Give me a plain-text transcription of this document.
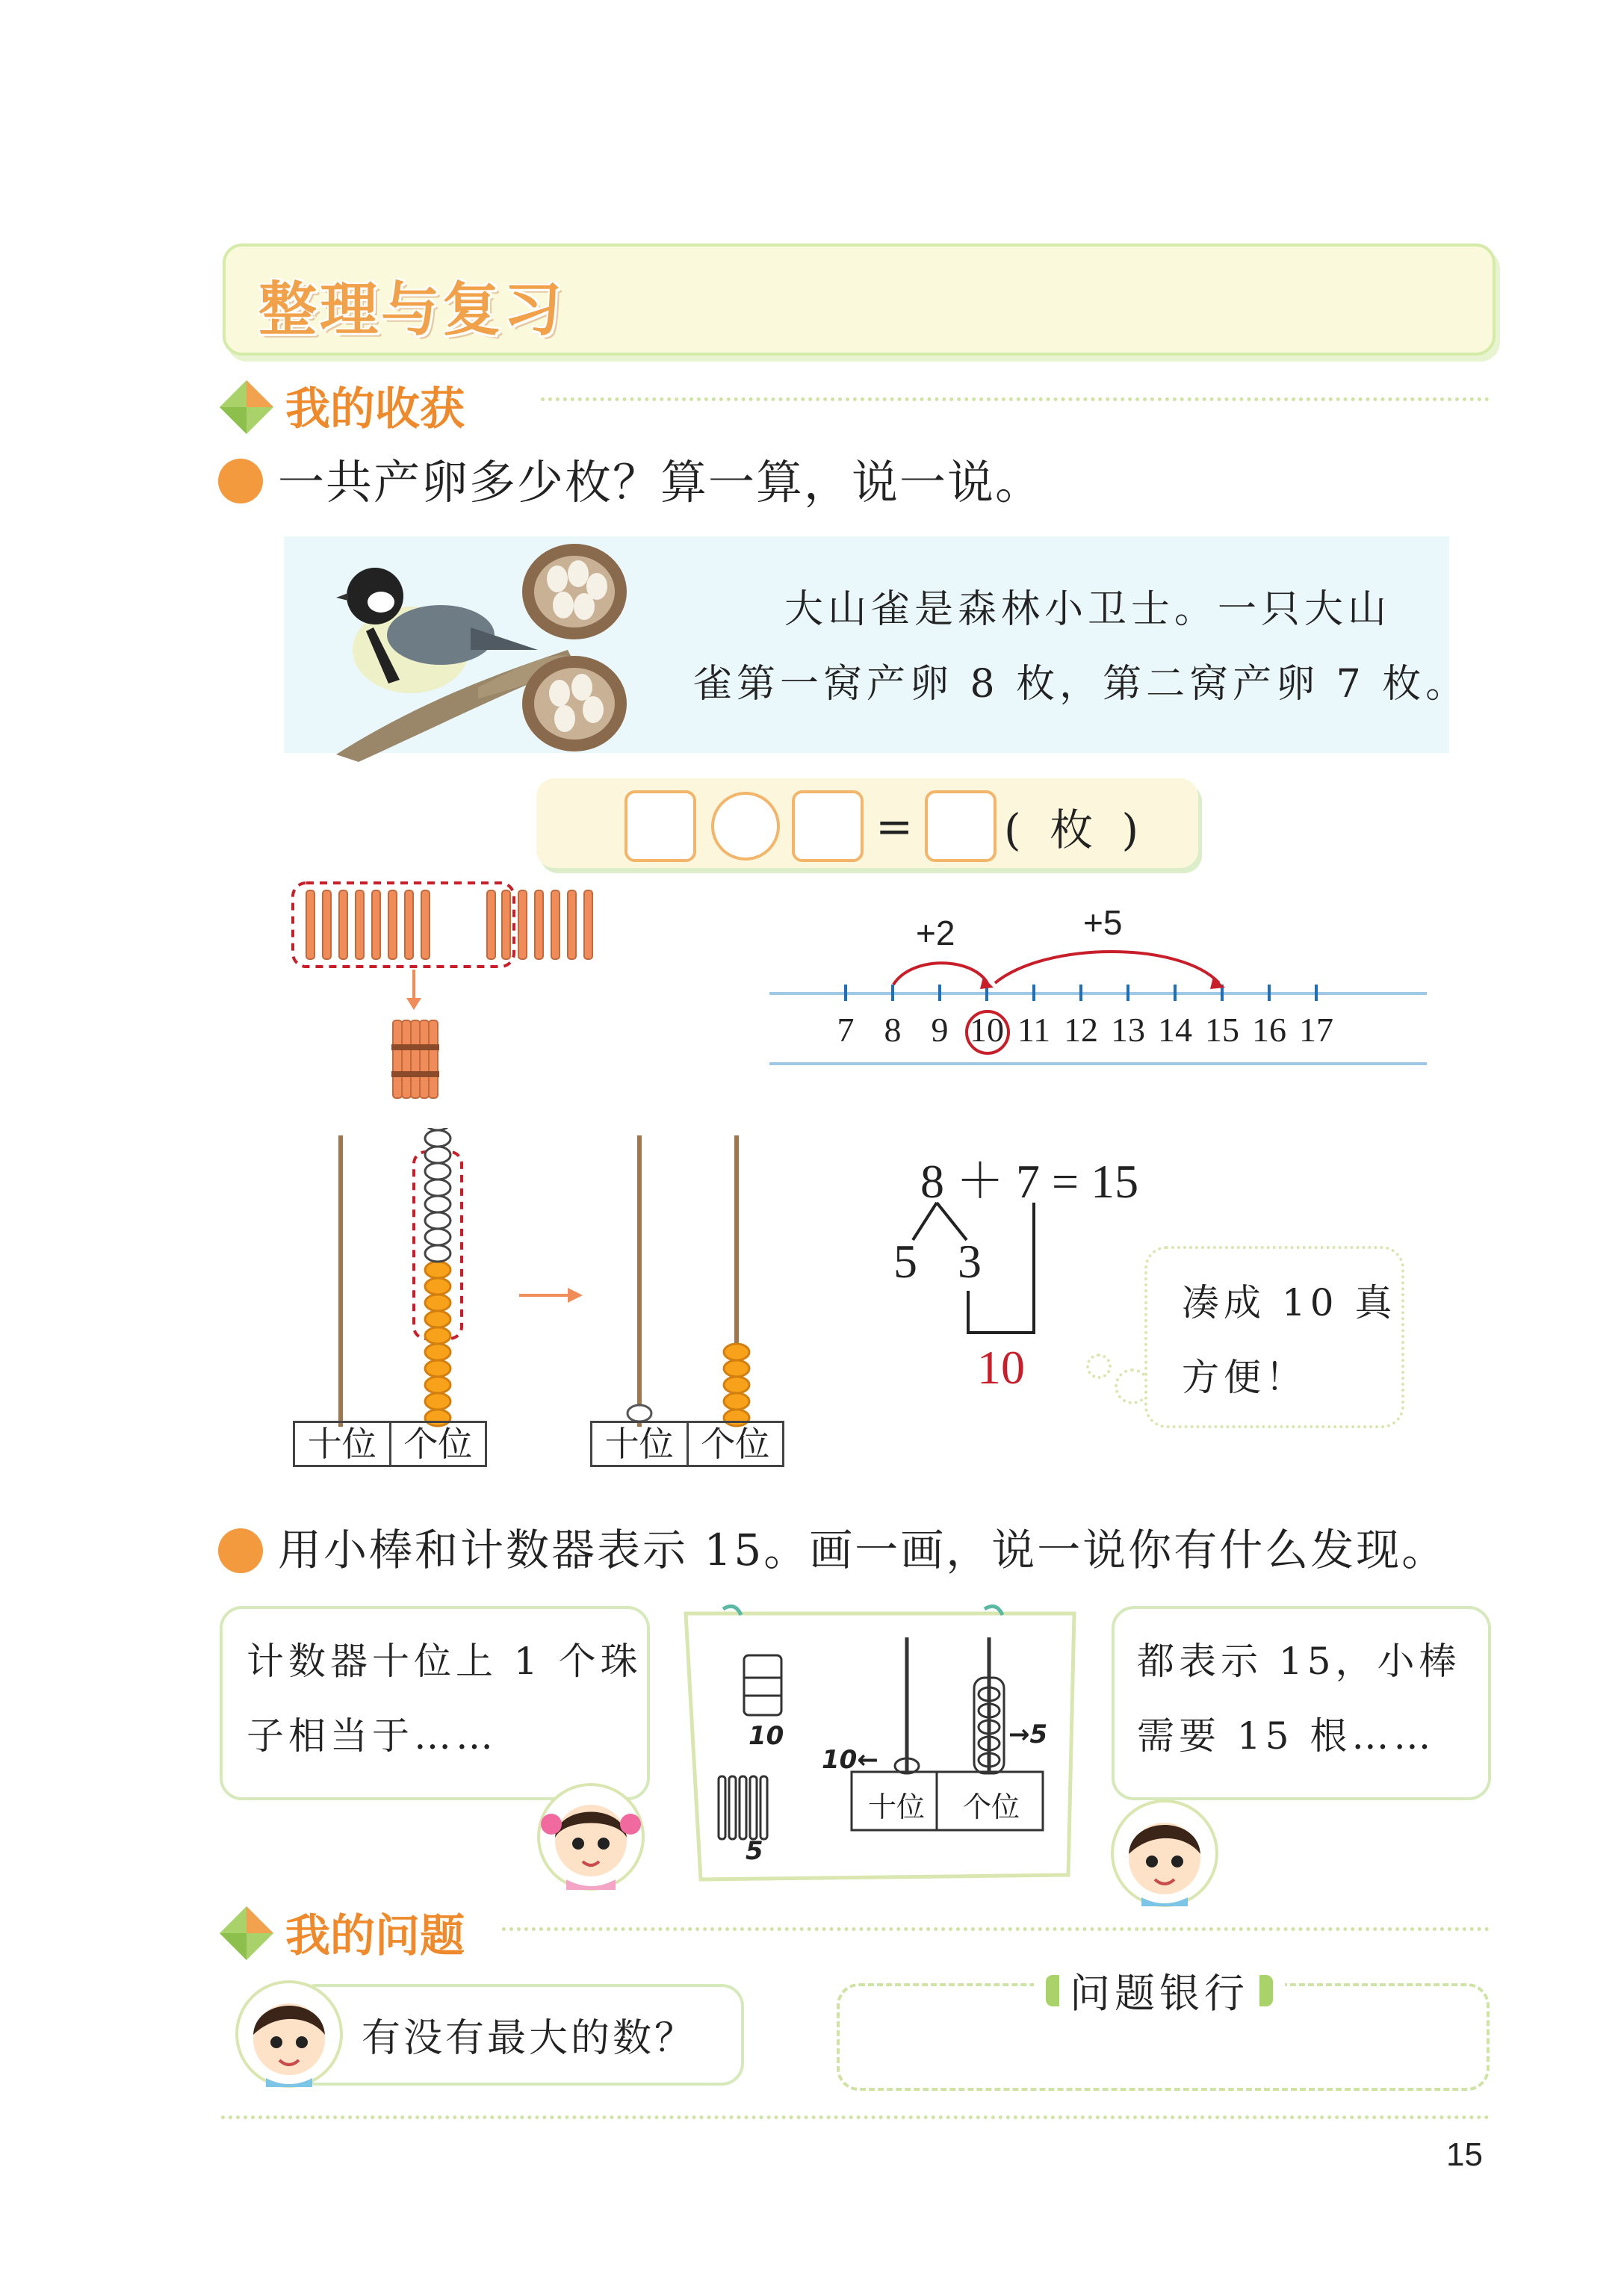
整理与复习
我的收获
一共产卵多少枚？算一算，说一说。
大山雀是森林小卫士。一只大山
雀第一窝产卵 8 枚，第二窝产卵 7 枚。
= ( 枚 )
+2	+5
7 8 9 10 11 12 13 14 15 16 17
十位 个位	十位 个位
8 ＋ 7 = 15
5 3
10
凑成 10 真
方便！
用小棒和计数器表示 15。画一画，说一说你有什么发现。
计数器十位上 1 个珠
子相当于……	10
5
10←
→5
十位	个位
都表示 15，小棒
需要 15 根……
我的问题
有没有最大的数？
问题银行
15
